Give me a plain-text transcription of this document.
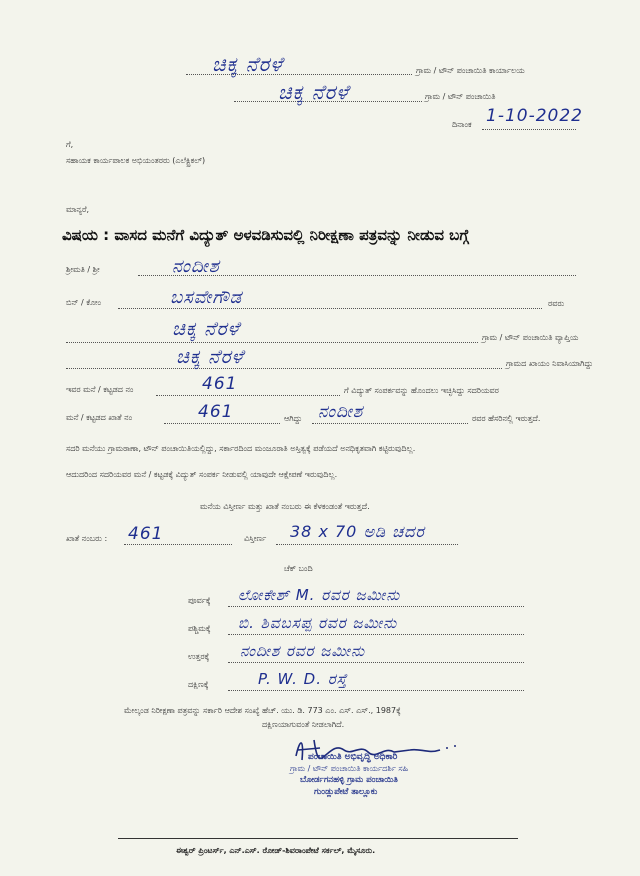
ಚಿಕ್ಕ ನೆರಳೆ	ಗ್ರಾಮ / ಟೌನ್ ಪಂಚಾಯಿತಿ ಕಾರ್ಯಾಲಯ
ಚಿಕ್ಕ ನೆರಳೆ	ಗ್ರಾಮ / ಟೌನ್ ಪಂಚಾಯಿತಿ
ದಿನಾಂಕ 1-10-2022
ಗೆ,
ಸಹಾಯಕ ಕಾರ್ಯಪಾಲಕ ಅಭಿಯಂತರರು (ಎಲೆಕ್ಟ್ರಿಕಲ್)
ಮಾನ್ಯರೆ,
ವಿಷಯ : ವಾಸದ ಮನೆಗೆ ವಿದ್ಯುತ್ ಅಳವಡಿಸುವಲ್ಲಿ ನಿರೀಕ್ಷಣಾ ಪತ್ರವನ್ನು ನೀಡುವ ಬಗ್ಗೆ
ಶ್ರೀಮತಿ / ಶ್ರೀ	ನಂದೀಶ
ಬಿನ್ / ಕೋಂ	ಬಸವೇಗೌಡ	ರವರು
ಚಿಕ್ಕ ನೆರಳೆ	ಗ್ರಾಮ / ಟೌನ್ ಪಂಚಾಯಿತಿ ವ್ಯಾಪ್ತಿಯ
ಚಿಕ್ಕ ನೆರಳೆ	ಗ್ರಾಮದ ಖಾಯಂ ನಿವಾಸಿಯಾಗಿದ್ದು
ಇವರ ಮನೆ / ಕಟ್ಟಡದ ನಂ	461	ಗೆ ವಿದ್ಯುತ್ ಸಂಪರ್ಕವನ್ನು ಹೊಂದಲು ಇಚ್ಛಿಸಿದ್ದು ಸದರಿಯವರ
ಮನೆ / ಕಟ್ಟಡದ ಖಾತೆ ನಂ	461	ಆಗಿದ್ದು ನಂದೀಶ	ರವರ ಹೆಸರಿನಲ್ಲಿ ಇರುತ್ತದೆ.
ಸದರಿ ಮನೆಯು ಗ್ರಾಮಠಾಣಾ, ಟೌನ್ ಪಂಚಾಯಿತಿಯಲ್ಲಿದ್ದು, ಸರ್ಕಾರದಿಂದ ಮಂಜೂರಾತಿ ಅಸ್ತಿತ್ವಕ್ಕೆ ಪಡೆಯದೆ ಅನಧಿಕೃತವಾಗಿ ಕಟ್ಟಿರುವುದಿಲ್ಲ.
ಆದುದರಿಂದ ಸದರಿಯವರ ಮನೆ / ಕಟ್ಟಡಕ್ಕೆ ವಿದ್ಯುತ್ ಸಂಪರ್ಕ ನೀಡುವಲ್ಲಿ ಯಾವುದೇ ಆಕ್ಷೇಪಣೆ ಇರುವುದಿಲ್ಲ.
ಮನೆಯ ವಿಸ್ತೀರ್ಣ ಮತ್ತು ಖಾತೆ ನಂಬರು ಈ ಕೆಳಕಂಡಂತೆ ಇರುತ್ತದೆ.
ಖಾತೆ ನಂಬರು : 461	ವಿಸ್ತೀರ್ಣ 38 x 70 ಅಡಿ ಚದರ
ಚೆಕ್ ಬಂದಿ
ಪೂರ್ವಕ್ಕೆ ಲೋಕೇಶ್ M. ರವರ ಜಮೀನು
ಪಶ್ಚಿಮಕ್ಕೆ ಬಿ. ಶಿವಬಸಪ್ಪ ರವರ ಜಮೀನು
ಉತ್ತರಕ್ಕೆ ನಂದೀಶ ರವರ ಜಮೀನು
ದಕ್ಷಿಣಕ್ಕೆ	P. W. D. ರಸ್ತೆ
ಮೇಲ್ಕಂಡ ನಿರೀಕ್ಷಣಾ ಪತ್ರವನ್ನು ಸರ್ಕಾರಿ ಆದೇಶ ಸಂಖ್ಯೆ ಹೆಚ್. ಯು. ಡಿ. 773 ಎಂ. ಎಸ್. ಎಸ್., 1987ಕ್ಕೆ
ದಕ್ಷಿಣಯಾಗುವಂತೆ ನೀಡಲಾಗಿದೆ.
ಪಂಚಾಯಿತಿ ಅಭಿವೃದ್ಧಿ ಅಧಿಕಾರಿ
ಗ್ರಾಮ / ಟೌನ್ ಪಂಚಾಯಿತಿ ಕಾರ್ಯದರ್ಶಿ ಸಹಿ
ಬೋರ್ಡಗನಹಳ್ಳಿ ಗ್ರಾಮ ಪಂಚಾಯಿತಿ
ಗುಂಡ್ಲುಪೇಟೆ ತಾಲ್ಲೂಕು
ಈಶ್ವರ್ ಪ್ರಿಂಟರ್ಸ್, ಎನ್.ಎಸ್. ರೋಡ್-ಶಿವರಾಂಪೇಟೆ ಸರ್ಕಲ್, ಮೈಸೂರು.
